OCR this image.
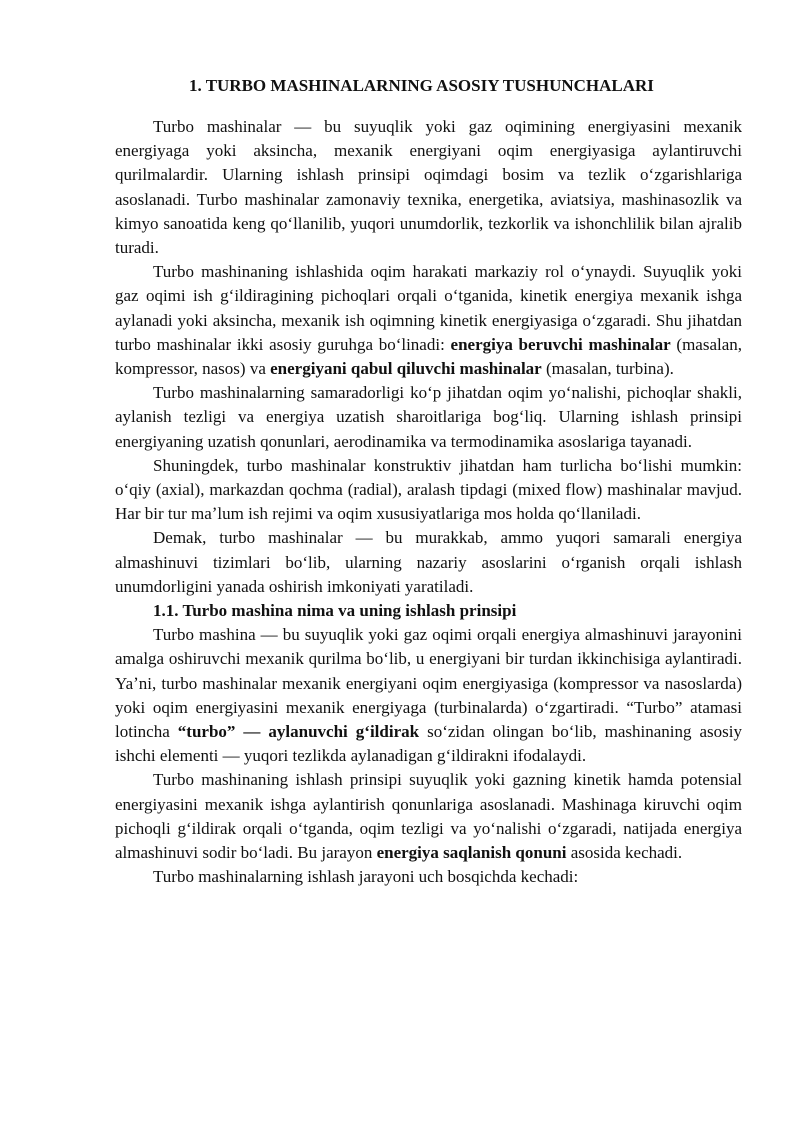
1. TURBO MASHINALARNING ASOSIY TUSHUNCHALARI

Turbo mashinalar — bu suyuqlik yoki gaz oqimining energiyasini mexanik energiyaga yoki aksincha, mexanik energiyani oqim energiyasiga aylantiruvchi qurilmalardir. Ularning ishlash prinsipi oqimdagi bosim va tezlik oʻzgarishlariga asoslanadi. Turbo mashinalar zamonaviy texnika, energetika, aviatsiya, mashinasozlik va kimyo sanoatida keng qoʻllanilib, yuqori unumdorlik, tezkorlik va ishonchlilik bilan ajralib turadi.

Turbo mashinaning ishlashida oqim harakati markaziy rol oʻynaydi. Suyuqlik yoki gaz oqimi ish gʻildiragining pichoqlari orqali oʻtganida, kinetik energiya mexanik ishga aylanadi yoki aksincha, mexanik ish oqimning kinetik energiyasiga oʻzgaradi. Shu jihatdan turbo mashinalar ikki asosiy guruhga boʻlinadi: energiya beruvchi mashinalar (masalan, kompressor, nasos) va energiyani qabul qiluvchi mashinalar (masalan, turbina).

Turbo mashinalarning samaradorligi koʻp jihatdan oqim yoʻnalishi, pichoqlar shakli, aylanish tezligi va energiya uzatish sharoitlariga bogʻliq. Ularning ishlash prinsipi energiyaning uzatish qonunlari, aerodinamika va termodinamika asoslariga tayanadi.

Shuningdek, turbo mashinalar konstruktiv jihatdan ham turlicha boʻlishi mumkin: oʻqiy (axial), markazdan qochma (radial), aralash tipdagi (mixed flow) mashinalar mavjud. Har bir tur maʼlum ish rejimi va oqim xususiyatlariga mos holda qoʻllaniladi.

Demak, turbo mashinalar — bu murakkab, ammo yuqori samarali energiya almashinuvi tizimlari boʻlib, ularning nazariy asoslarini oʻrganish orqali ishlash unumdorligini yanada oshirish imkoniyati yaratiladi.

1.1. Turbo mashina nima va uning ishlash prinsipi

Turbo mashina — bu suyuqlik yoki gaz oqimi orqali energiya almashinuvi jarayonini amalga oshiruvchi mexanik qurilma boʻlib, u energiyani bir turdan ikkinchisiga aylantiradi. Yaʼni, turbo mashinalar mexanik energiyani oqim energiyasiga (kompressor va nasoslarda) yoki oqim energiyasini mexanik energiyaga (turbinalarda) oʻzgartiradi. “Turbo” atamasi lotincha “turbo” — aylanuvchi gʻildirak soʻzidan olingan boʻlib, mashinaning asosiy ishchi elementi — yuqori tezlikda aylanadigan gʻildirakni ifodalaydi.

Turbo mashinaning ishlash prinsipi suyuqlik yoki gazning kinetik hamda potensial energiyasini mexanik ishga aylantirish qonunlariga asoslanadi. Mashinaga kiruvchi oqim pichoqli gʻildirak orqali oʻtganda, oqim tezligi va yoʻnalishi oʻzgaradi, natijada energiya almashinuvi sodir boʻladi. Bu jarayon energiya saqlanish qonuni asosida kechadi.

Turbo mashinalarning ishlash jarayoni uch bosqichda kechadi:
